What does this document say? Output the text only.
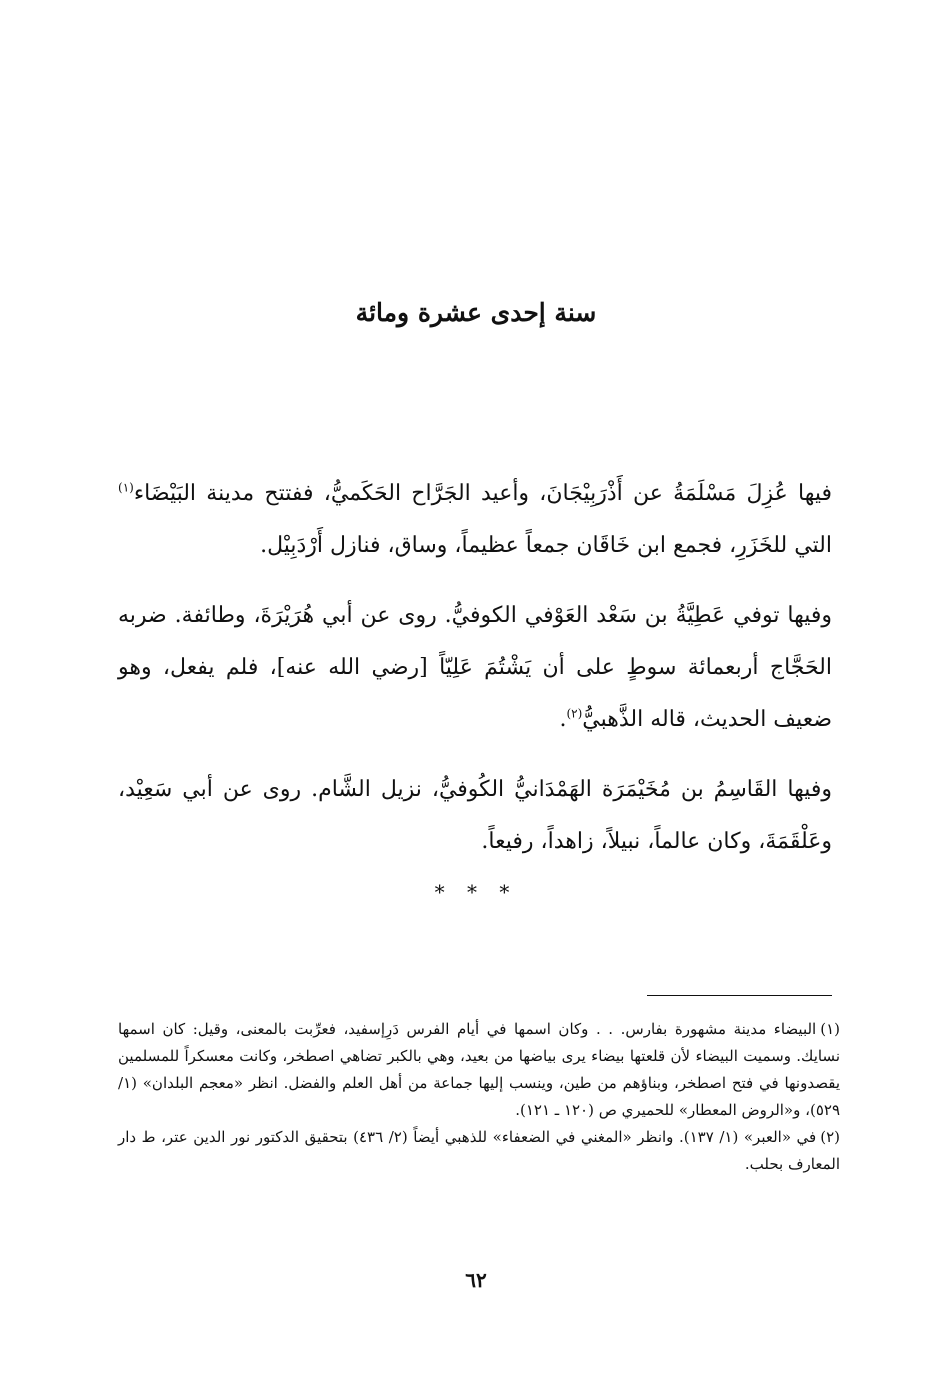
سنة إحدى عشرة ومائة

فيها عُزِلَ مَسْلَمَةُ عن أَذْرَبِيْجَانَ، وأعيد الجَرَّاح الحَكَميُّ، ففتتح مدينة البَيْضَاء$^{(١)}$ التي للخَزَرِ، فجمع ابن خَاقَان جمعاً عظيماً، وساق، فنازل أَرْدَبِيْل.

وفيها توفي عَطِيَّةُ بن سَعْد العَوْفي الكوفيُّ. روى عن أبي هُرَيْرَةَ، وطائفة. ضربه الحَجَّاج أربعمائة سوطٍ على أن يَشْتُمَ عَلِيّاً [رضي الله عنه]، فلم يفعل، وهو ضعيف الحديث، قاله الذَّهبيُّ$^{(٢)}$.

وفيها القَاسِمُ بن مُخَيْمَرَة الهَمْدَانيُّ الكُوفيُّ، نزيل الشَّام. روى عن أبي سَعِيْد، وعَلْقَمَةَ، وكان عالماً، نبيلاً، زاهداً، رفيعاً.

* * *

(١)البيضاء مدينة مشهورة بفارس. . . وكان اسمها في أيام الفرس دَرِإسفيد، فعرِّبت بالمعنى، وقيل: كان اسمها نسايك. وسميت البيضاء لأن قلعتها بيضاء يرى بياضها من بعيد، وهي بالكبر تضاهي اصطخر، وكانت معسكراً للمسلمين يقصدونها في فتح اصطخر، وبناؤهم من طين، وينسب إليها جماعة من أهل العلم والفضل. انظر «معجم البلدان» (١/ ٥٢٩)، و«الروض المعطار» للحميري ص (١٢٠ ـ ١٢١).

(٢)في «العبر» (١/ ١٣٧). وانظر «المغني في الضعفاء» للذهبي أيضاً (٢/ ٤٣٦) بتحقيق الدكتور نور الدين عتر، ط دار المعارف بحلب.

٦٢
